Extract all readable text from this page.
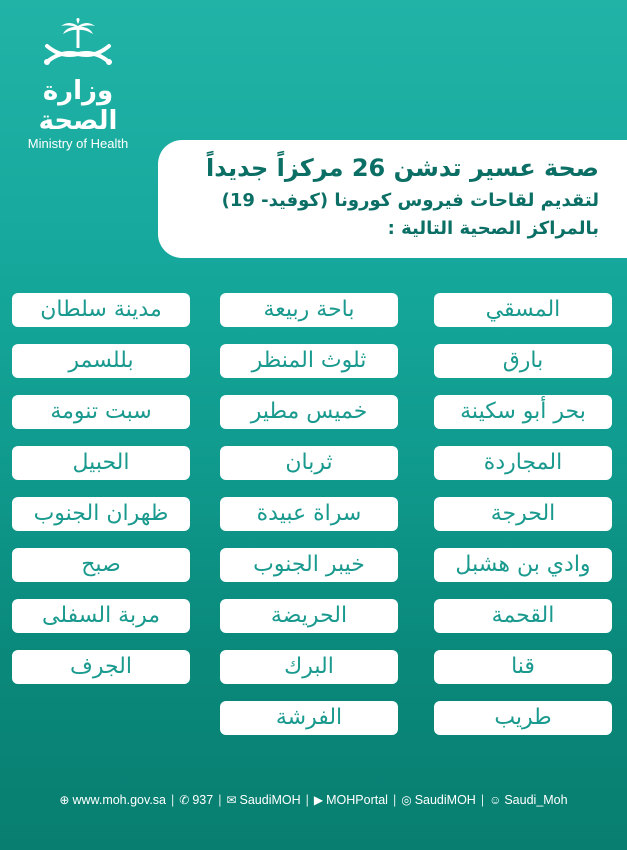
وزارة الصحة
Ministry of Health
صحة عسير تدشن 26 مركزاً جديداً
لتقديم لقاحات فيروس كورونا (كوفيد- 19)
بالمراكز الصحية التالية :
المسقي
بارق
بحر أبو سكينة
المجاردة
الحرجة
وادي بن هشبل
القحمة
قنا
طريب
باحة ربيعة
ثلوث المنظر
خميس مطير
ثربان
سراة عبيدة
خيبر الجنوب
الحريضة
البرك
الفرشة
مدينة سلطان
بللسمر
سبت تنومة
الحبيل
ظهران الجنوب
صبح
مربة السفلى
الجرف
⊕ www.moh.gov.sa | ✆ 937 | ✉ SaudiMOH | ▶ MOHPortal | ◎ SaudiMOH | ☺ Saudi_Moh
